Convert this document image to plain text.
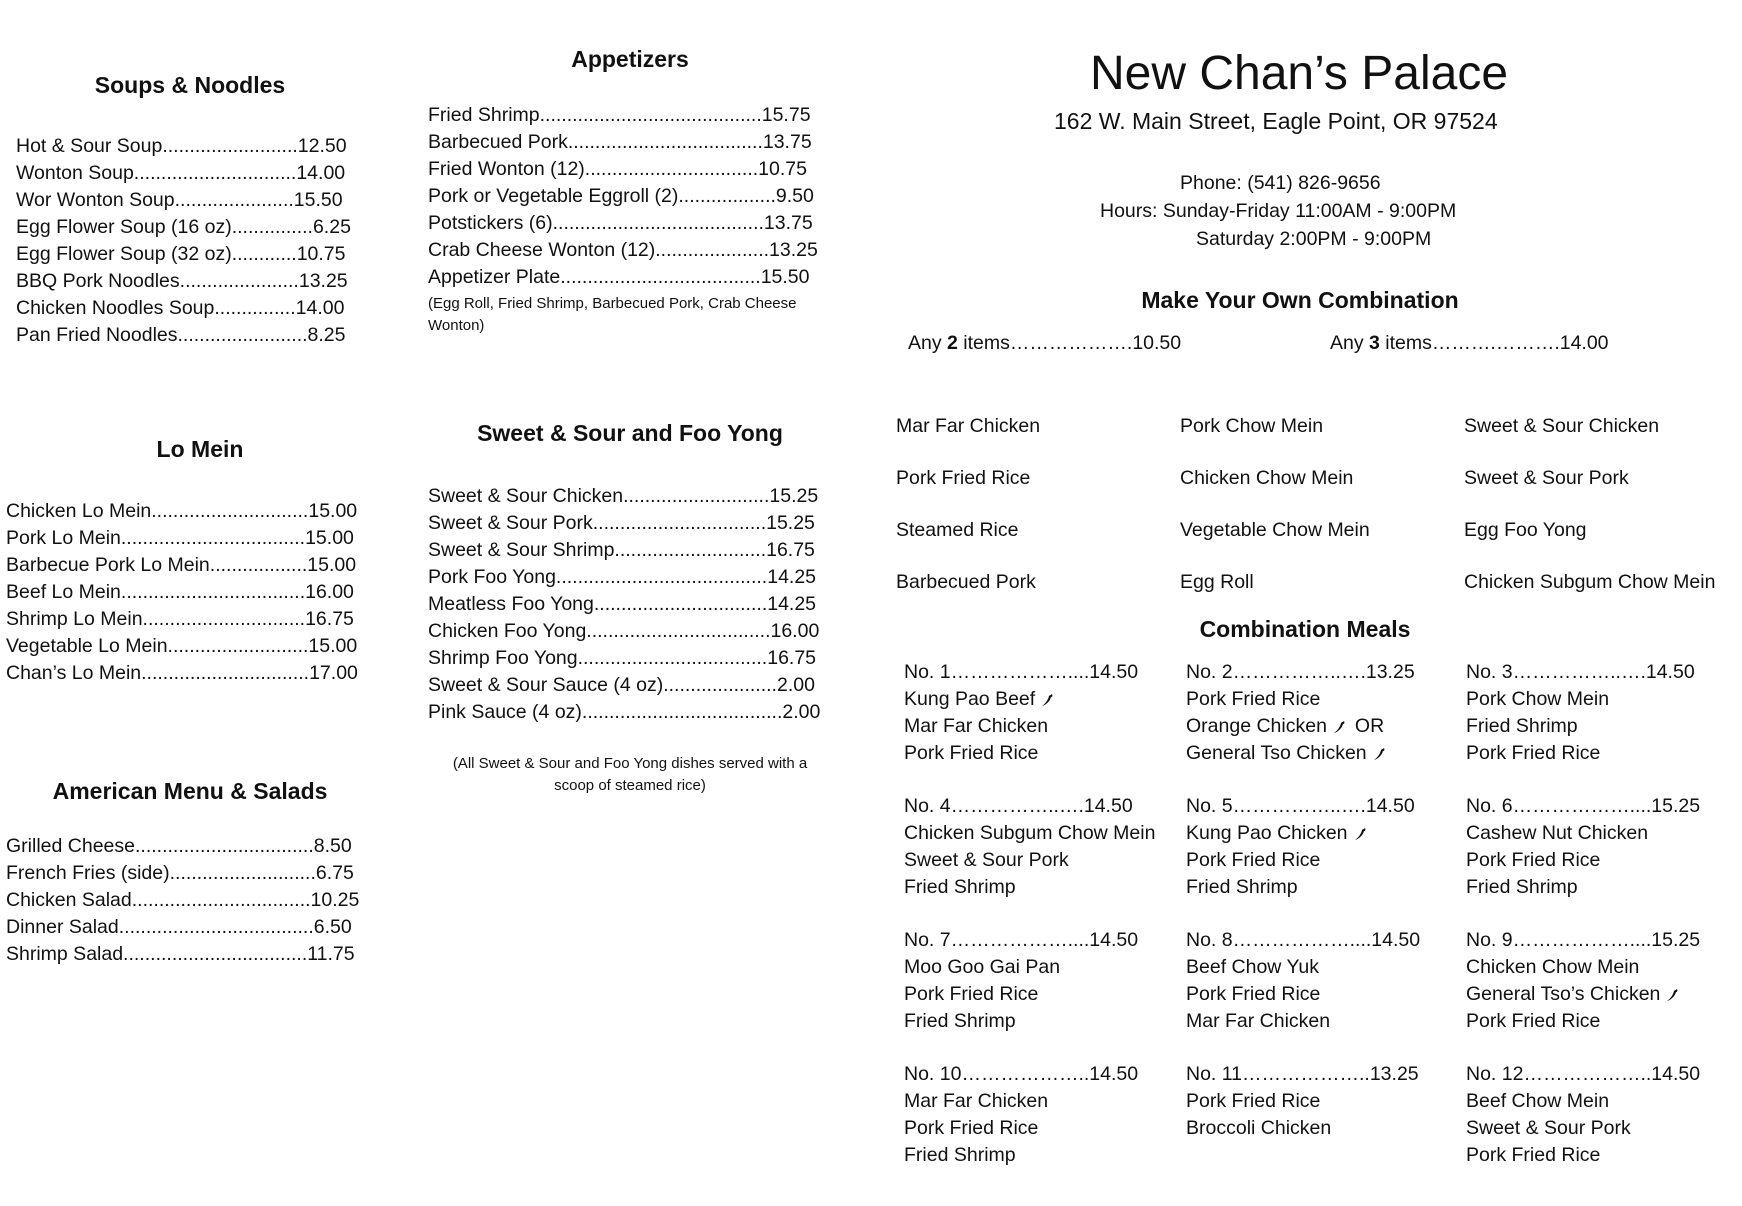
Soups & Noodles
Hot & Sour Soup.........................12.50
Wonton Soup..............................14.00
Wor Wonton Soup......................15.50
Egg Flower Soup (16 oz)...............6.25
Egg Flower Soup (32 oz)............10.75
BBQ Pork Noodles......................13.25
Chicken Noodles Soup...............14.00
Pan Fried Noodles........................8.25
Lo Mein
Chicken Lo Mein.............................15.00
Pork Lo Mein..................................15.00
Barbecue Pork Lo Mein..................15.00
Beef Lo Mein..................................16.00
Shrimp Lo Mein..............................16.75
Vegetable Lo Mein..........................15.00
Chan’s Lo Mein...............................17.00
American Menu & Salads
Grilled Cheese.................................8.50
French Fries (side)...........................6.75
Chicken Salad.................................10.25
Dinner Salad....................................6.50
Shrimp Salad..................................11.75
Appetizers
Fried Shrimp.........................................15.75
Barbecued Pork....................................13.75
Fried Wonton (12)................................10.75
Pork or Vegetable Eggroll (2)..................9.50
Potstickers (6).......................................13.75
Crab Cheese Wonton (12).....................13.25
Appetizer Plate.....................................15.50
(Egg Roll, Fried Shrimp, Barbecued Pork, Crab Cheese Wonton)
Sweet & Sour and Foo Yong
Sweet & Sour Chicken...........................15.25
Sweet & Sour Pork................................15.25
Sweet & Sour Shrimp............................16.75
Pork Foo Yong.......................................14.25
Meatless Foo Yong................................14.25
Chicken Foo Yong..................................16.00
Shrimp Foo Yong...................................16.75
Sweet & Sour Sauce (4 oz).....................2.00
Pink Sauce (4 oz).....................................2.00
(All Sweet & Sour and Foo Yong dishes served with a scoop of steamed rice)
New Chan’s Palace
162 W. Main Street, Eagle Point, OR 97524
Phone: (541) 826-9656
Hours: Sunday-Friday 11:00AM - 9:00PM
Saturday 2:00PM - 9:00PM
Make Your Own Combination
Any 2 items……………….10.50	Any 3 items……….……….14.00
Mar Far Chicken	Pork Chow Mein	Sweet & Sour Chicken
Pork Fried Rice	Chicken Chow Mein	Sweet & Sour Pork
Steamed Rice	Vegetable Chow Mein	Egg Foo Yong
Barbecued Pork	Egg Roll	Chicken Subgum Chow Mein
Combination Meals
No. 1………………....14.50
Kung Pao Beef
Mar Far Chicken
Pork Fried Rice
No. 2……………..….13.25
Pork Fried Rice
Orange Chicken OR
General Tso Chicken
No. 3……………..….14.50
Pork Chow Mein
Fried Shrimp
Pork Fried Rice
No. 4……………..….14.50
Chicken Subgum Chow Mein
Sweet & Sour Pork
Fried Shrimp
No. 5……………..….14.50
Kung Pao Chicken
Pork Fried Rice
Fried Shrimp
No. 6………………....15.25
Cashew Nut Chicken
Pork Fried Rice
Fried Shrimp
No. 7………………....14.50
Moo Goo Gai Pan
Pork Fried Rice
Fried Shrimp
No. 8………………....14.50
Beef Chow Yuk
Pork Fried Rice
Mar Far Chicken
No. 9………………....15.25
Chicken Chow Mein
General Tso’s Chicken
Pork Fried Rice
No. 10………………..14.50
Mar Far Chicken
Pork Fried Rice
Fried Shrimp
No. 11………………..13.25
Pork Fried Rice
Broccoli Chicken
No. 12………………..14.50
Beef Chow Mein
Sweet & Sour Pork
Pork Fried Rice
